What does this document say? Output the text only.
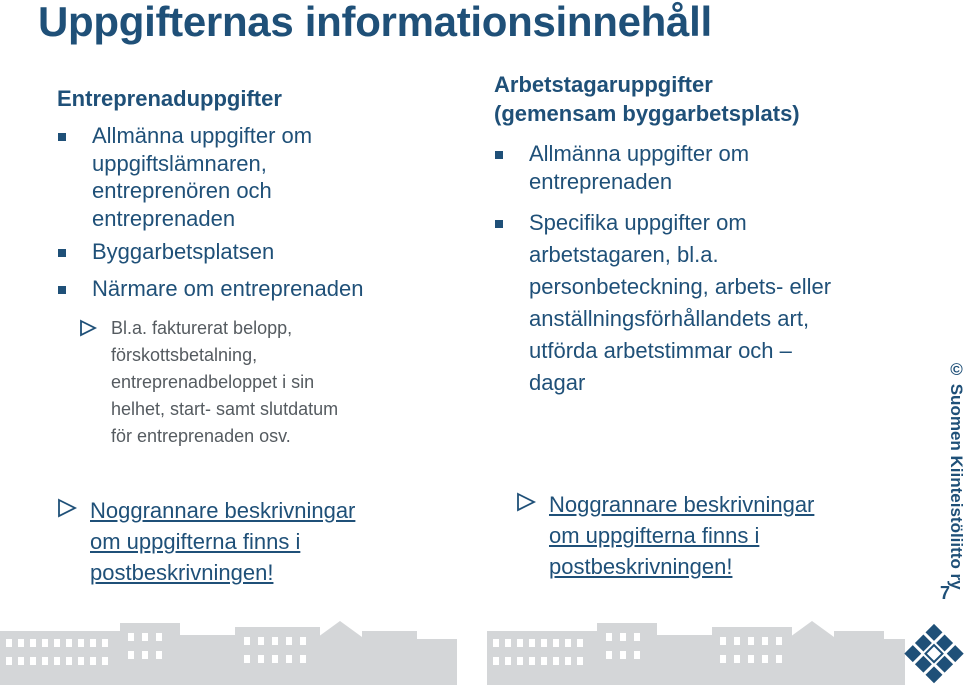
Uppgifternas informationsinnehåll
Entreprenaduppgifter
Allmänna uppgifter om
uppgiftslämnaren,
entreprenören och
entreprenaden
Byggarbetsplatsen
Närmare om entreprenaden
Bl.a. fakturerat belopp,
förskottsbetalning,
entreprenadbeloppet i sin
helhet, start- samt slutdatum
för entreprenaden osv.
Noggrannare beskrivningar
om uppgifterna finns i
postbeskrivningen!
Arbetstagaruppgifter
(gemensam byggarbetsplats)
Allmänna uppgifter om
entreprenaden
Specifika uppgifter om
arbetstagaren, bl.a.
personbeteckning, arbets- eller
anställningsförhållandets art,
utförda arbetstimmar och –
dagar
Noggrannare beskrivningar
om uppgifterna finns i
postbeskrivningen!	© Suomen Kiinteistöliitto ry
7
